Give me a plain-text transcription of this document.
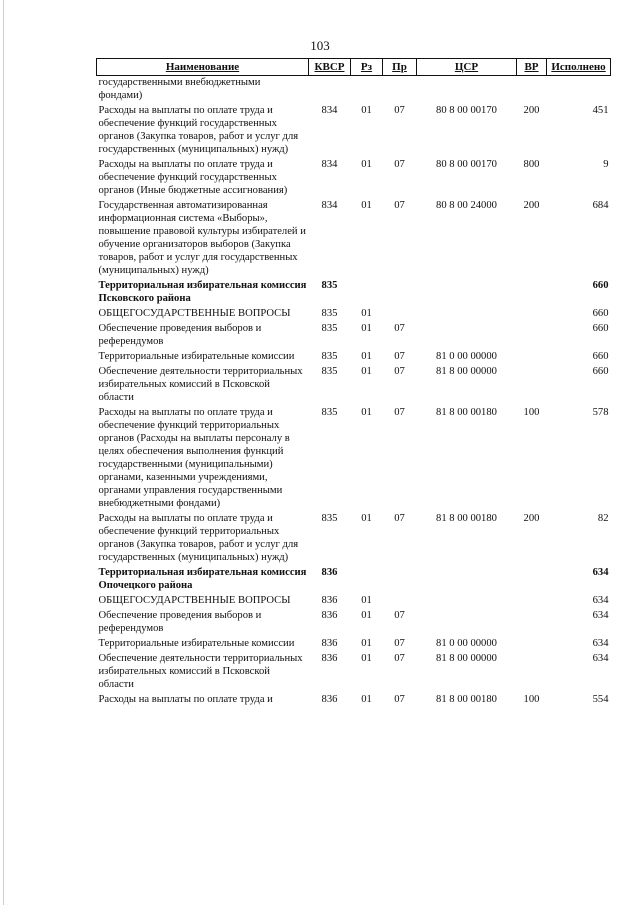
103
Наименование	КВСР	Рз	Пр	ЦСР	ВР	Исполнено
государственными внебюджетными фондами)						
Расходы на выплаты по оплате труда и обеспечение функций государственных органов (Закупка товаров, работ и услуг для государственных (муниципальных) нужд)	834	01	07	80 8 00 00170	200	451
Расходы на выплаты по оплате труда и обеспечение функций государственных органов (Иные бюджетные ассигнования)	834	01	07	80 8 00 00170	800	9
Государственная автоматизированная информационная система «Выборы», повышение правовой культуры избирателей и обучение организаторов выборов (Закупка товаров, работ и услуг для государственных (муниципальных) нужд)	834	01	07	80 8 00 24000	200	684
Территориальная избирательная комиссия Псковского района	835					660
ОБЩЕГОСУДАРСТВЕННЫЕ ВОПРОСЫ	835	01				660
Обеспечение проведения выборов и референдумов	835	01	07			660
Территориальные избирательные комиссии	835	01	07	81 0 00 00000		660
Обеспечение деятельности территориальных избирательных комиссий в Псковской области	835	01	07	81 8 00 00000		660
Расходы на выплаты по оплате труда и обеспечение функций территориальных органов (Расходы на выплаты персоналу в целях обеспечения выполнения функций государственными (муниципальными) органами, казенными учреждениями, органами управления государственными внебюджетными фондами)	835	01	07	81 8 00 00180	100	578
Расходы на выплаты по оплате труда и обеспечение функций территориальных органов (Закупка товаров, работ и услуг для государственных (муниципальных) нужд)	835	01	07	81 8 00 00180	200	82
Территориальная избирательная комиссия Опочецкого района	836					634
ОБЩЕГОСУДАРСТВЕННЫЕ ВОПРОСЫ	836	01				634
Обеспечение проведения выборов и референдумов	836	01	07			634
Территориальные избирательные комиссии	836	01	07	81 0 00 00000		634
Обеспечение деятельности территориальных избирательных комиссий в Псковской области	836	01	07	81 8 00 00000		634
Расходы на выплаты по оплате труда и	836	01	07	81 8 00 00180	100	554
